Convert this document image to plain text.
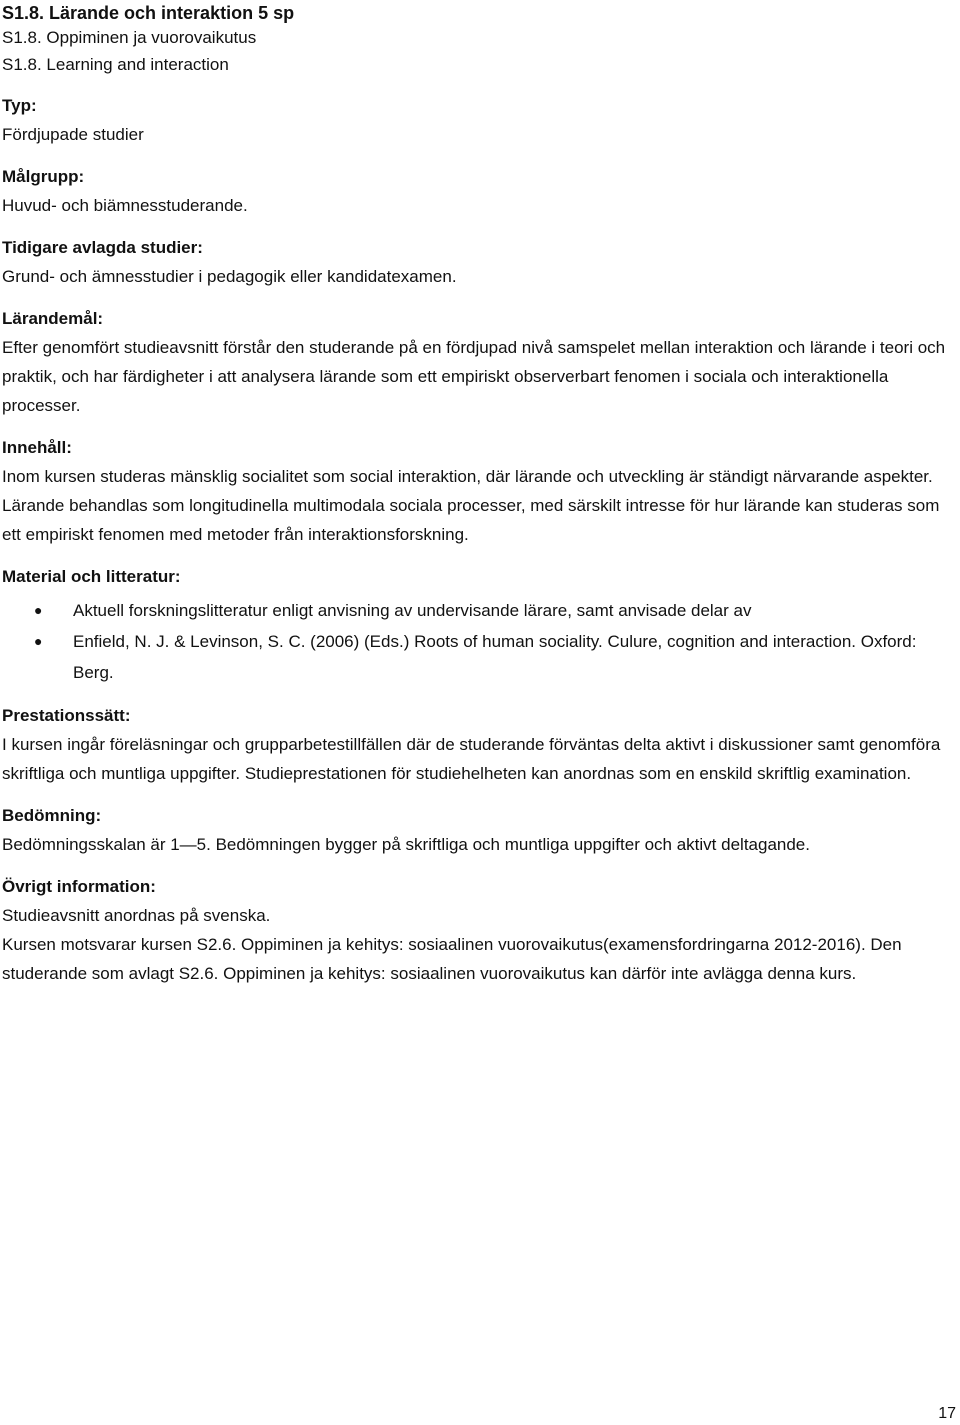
S1.8. Lärande och interaktion 5 sp
S1.8. Oppiminen ja vuorovaikutus
S1.8. Learning and interaction
Typ:

Fördjupade studier

Målgrupp:

Huvud- och biämnesstuderande.

Tidigare avlagda studier:

Grund- och ämnesstudier i pedagogik eller kandidatexamen.

Lärandemål:

Efter genomfört studieavsnitt förstår den studerande på en fördjupad nivå samspelet mellan interaktion och lärande i teori och praktik, och har färdigheter i att analysera lärande som ett empiriskt observerbart fenomen i sociala och interaktionella processer.

Innehåll:

Inom kursen studeras mänsklig socialitet som social interaktion, där lärande och utveckling är ständigt närvarande aspekter. Lärande behandlas som longitudinella multimodala sociala processer, med särskilt intresse för hur lärande kan studeras som ett empiriskt fenomen med metoder från interaktionsforskning.

Material och litteratur:
● Aktuell forskningslitteratur enligt anvisning av undervisande lärare, samt anvisade delar av
● Enfield, N. J. & Levinson, S. C. (2006) (Eds.) Roots of human sociality. Culure, cognition and interaction. Oxford: Berg.
Prestationssätt:

I kursen ingår föreläsningar och grupparbetestillfällen där de studerande förväntas delta aktivt i diskussioner samt genomföra skriftliga och muntliga uppgifter. Studieprestationen för studiehelheten kan anordnas som en enskild skriftlig examination.

Bedömning:

Bedömningsskalan är 1—5. Bedömningen bygger på skriftliga och muntliga uppgifter och aktivt deltagande.

Övrigt information:

Studieavsnitt anordnas på svenska.

Kursen motsvarar kursen S2.6. Oppiminen ja kehitys: sosiaalinen vuorovaikutus(examensfordringarna 2012-2016). Den studerande som avlagt S2.6. Oppiminen ja kehitys: sosiaalinen vuorovaikutus kan därför inte avlägga denna kurs.

17
